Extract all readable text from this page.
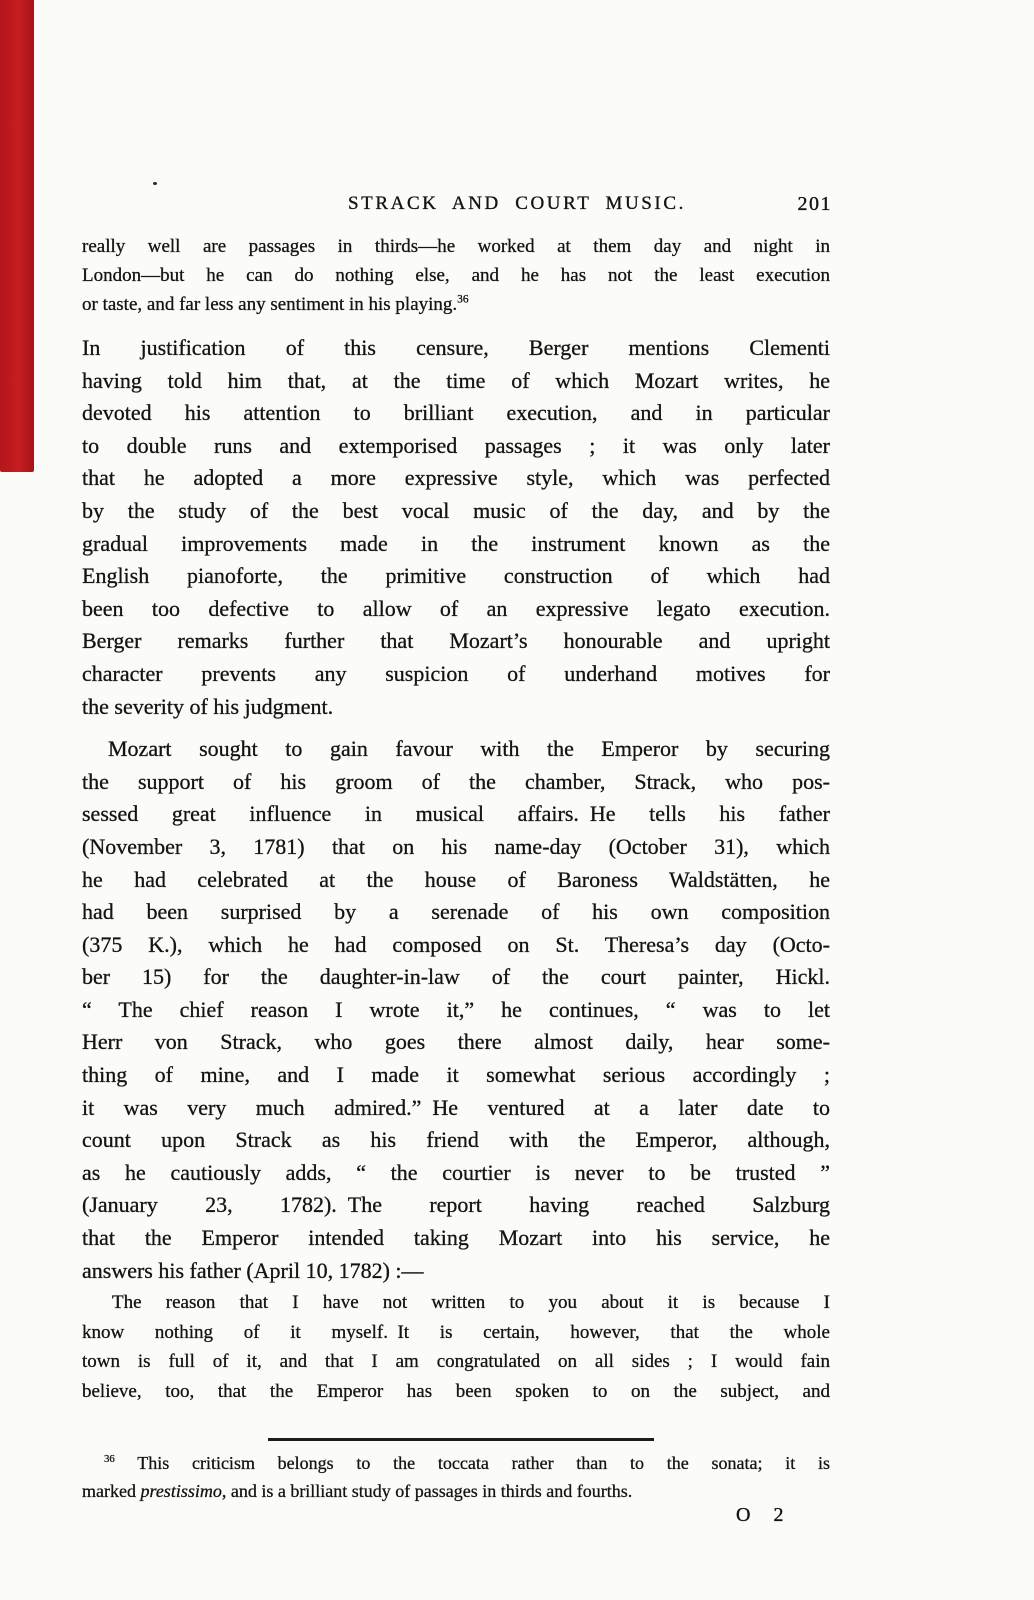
STRACK AND COURT MUSIC.	201
really well are passages in thirds—he worked at them day and night in
London—but he can do nothing else, and he has not the least execution
or taste, and far less any sentiment in his playing.$^{36}$
In justification of this censure, Berger mentions Clementi
having told him that, at the time of which Mozart writes, he
devoted his attention to brilliant execution, and in particular
to double runs and extemporised passages ; it was only later
that he adopted a more expressive style, which was perfected
by the study of the best vocal music of the day, and by the
gradual improvements made in the instrument known as the
English pianoforte, the primitive construction of which had
been too defective to allow of an expressive legato execution.
Berger remarks further that Mozart’s honourable and upright
character prevents any suspicion of underhand motives for
the severity of his judgment.
Mozart sought to gain favour with the Emperor by securing
the support of his groom of the chamber, Strack, who pos-
sessed great influence in musical affairs. He tells his father
(November 3, 1781) that on his name-day (October 31), which
he had celebrated at the house of Baroness Waldstätten, he
had been surprised by a serenade of his own composition
(375 K.), which he had composed on St. Theresa’s day (Octo-
ber 15) for the daughter-in-law of the court painter, Hickl.
“ The chief reason I wrote it,” he continues, “ was to let
Herr von Strack, who goes there almost daily, hear some-
thing of mine, and I made it somewhat serious accordingly ;
it was very much admired.” He ventured at a later date to
count upon Strack as his friend with the Emperor, although,
as he cautiously adds, “ the courtier is never to be trusted ”
(January 23, 1782). The report having reached Salzburg
that the Emperor intended taking Mozart into his service, he
answers his father (April 10, 1782) :—
The reason that I have not written to you about it is because I
know nothing of it myself. It is certain, however, that the whole
town is full of it, and that I am congratulated on all sides ; I would fain
believe, too, that the Emperor has been spoken to on the subject, and
$^{36}$ This criticism belongs to the toccata rather than to the sonata; it is
marked prestissimo, and is a brilliant study of passages in thirds and fourths.
O 2
